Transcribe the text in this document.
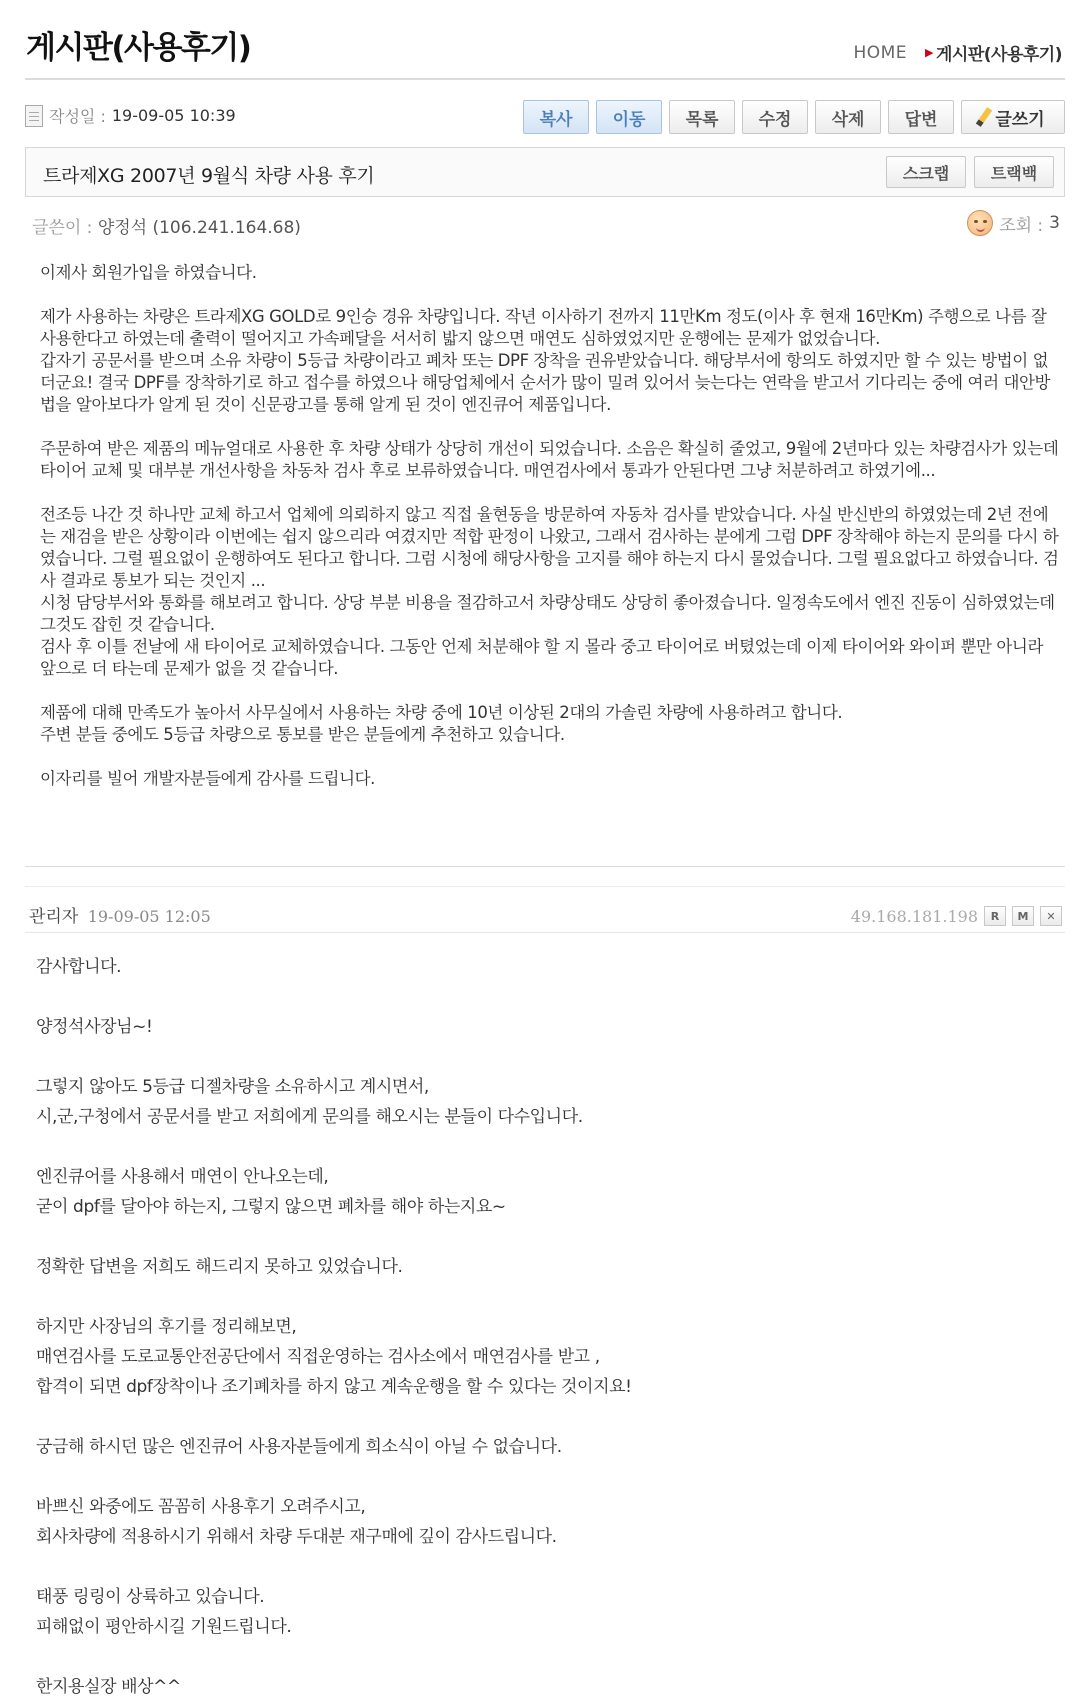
게시판(사용후기)	HOME ▶ 게시판(사용후기)
작성일 : 19-09-05 10:39	복사	이동	목록	수정	삭제	답변	글쓰기
트라제XG 2007년 9월식 차량 사용 후기	스크랩	트랙백
글쓴이 : 양정석 (106.241.164.68)	조회 : 3

이제사 회원가입을 하였습니다.

제가 사용하는 차량은 트라제XG GOLD로 9인승 경유 차량입니다. 작년 이사하기 전까지 11만Km 정도(이사 후 현재 16만Km) 주행으로 나름 잘 사용한다고 하였는데 출력이 떨어지고 가속페달을 서서히 밟지 않으면 매연도 심하였었지만 운행에는 문제가 없었습니다.

갑자기 공문서를 받으며 소유 차량이 5등급 차량이라고 폐차 또는 DPF 장착을 권유받았습니다. 해당부서에 항의도 하였지만 할 수 있는 방법이 없더군요! 결국 DPF를 장착하기로 하고 접수를 하였으나 해당업체에서 순서가 많이 밀려 있어서 늦는다는 연락을 받고서 기다리는 중에 여러 대안방법을 알아보다가 알게 된 것이 신문광고를 통해 알게 된 것이 엔진큐어 제품입니다.

주문하여 받은 제품의 메뉴얼대로 사용한 후 차량 상태가 상당히 개선이 되었습니다. 소음은 확실히 줄었고, 9월에 2년마다 있는 차량검사가 있는데 타이어 교체 및 대부분 개선사항을 차동차 검사 후로 보류하였습니다. 매연검사에서 통과가 안된다면 그냥 처분하려고 하였기에...

전조등 나간 것 하나만 교체 하고서 업체에 의뢰하지 않고 직접 율현동을 방문하여 자동차 검사를 받았습니다. 사실 반신반의 하였었는데 2년 전에는 재검을 받은 상황이라 이번에는 쉽지 않으리라 여겼지만 적합 판정이 나왔고, 그래서 검사하는 분에게 그럼 DPF 장착해야 하는지 문의를 다시 하였습니다. 그럴 필요없이 운행하여도 된다고 합니다. 그럼 시청에 해당사항을 고지를 해야 하는지 다시 물었습니다. 그럴 필요없다고 하였습니다. 검사 결과로 통보가 되는 것인지 ...

시청 담당부서와 통화를 해보려고 합니다. 상당 부분 비용을 절감하고서 차량상태도 상당히 좋아졌습니다. 일정속도에서 엔진 진동이 심하였었는데 그것도 잡힌 것 같습니다.

검사 후 이틀 전날에 새 타이어로 교체하였습니다. 그동안 언제 처분해야 할 지 몰라 중고 타이어로 버텼었는데 이제 타이어와 와이퍼 뿐만 아니라 앞으로 더 타는데 문제가 없을 것 같습니다.

제품에 대해 만족도가 높아서 사무실에서 사용하는 차량 중에 10년 이상된 2대의 가솔린 차량에 사용하려고 합니다.

주변 분들 중에도 5등급 차량으로 통보를 받은 분들에게 추천하고 있습니다.

이자리를 빌어 개발자분들에게 감사를 드립니다.

관리자 19-09-05 12:05	49.168.181.198	R	M	✕

감사합니다.

양정석사장님~!

그렇지 않아도 5등급 디젤차량을 소유하시고 계시면서,

시,군,구청에서 공문서를 받고 저희에게 문의를 해오시는 분들이 다수입니다.

엔진큐어를 사용해서 매연이 안나오는데,

굳이 dpf를 달아야 하는지, 그렇지 않으면 폐차를 해야 하는지요~

정확한 답변을 저희도 해드리지 못하고 있었습니다.

하지만 사장님의 후기를 정리해보면,
매연검사를 도로교통안전공단에서 직접운영하는 검사소에서 매연검사를 받고 ,

합격이 되면 dpf장착이나 조기폐차를 하지 않고 계속운행을 할 수 있다는 것이지요!

궁금해 하시던 많은 엔진큐어 사용자분들에게 희소식이 아닐 수 없습니다.

바쁘신 와중에도 꼼꼼히 사용후기 오려주시고,

회사차량에 적용하시기 위해서 차량 두대분 재구매에 깊이 감사드립니다.

태풍 링링이 상륙하고 있습니다.

피해없이 평안하시길 기원드립니다.

한지용실장 배상^^
